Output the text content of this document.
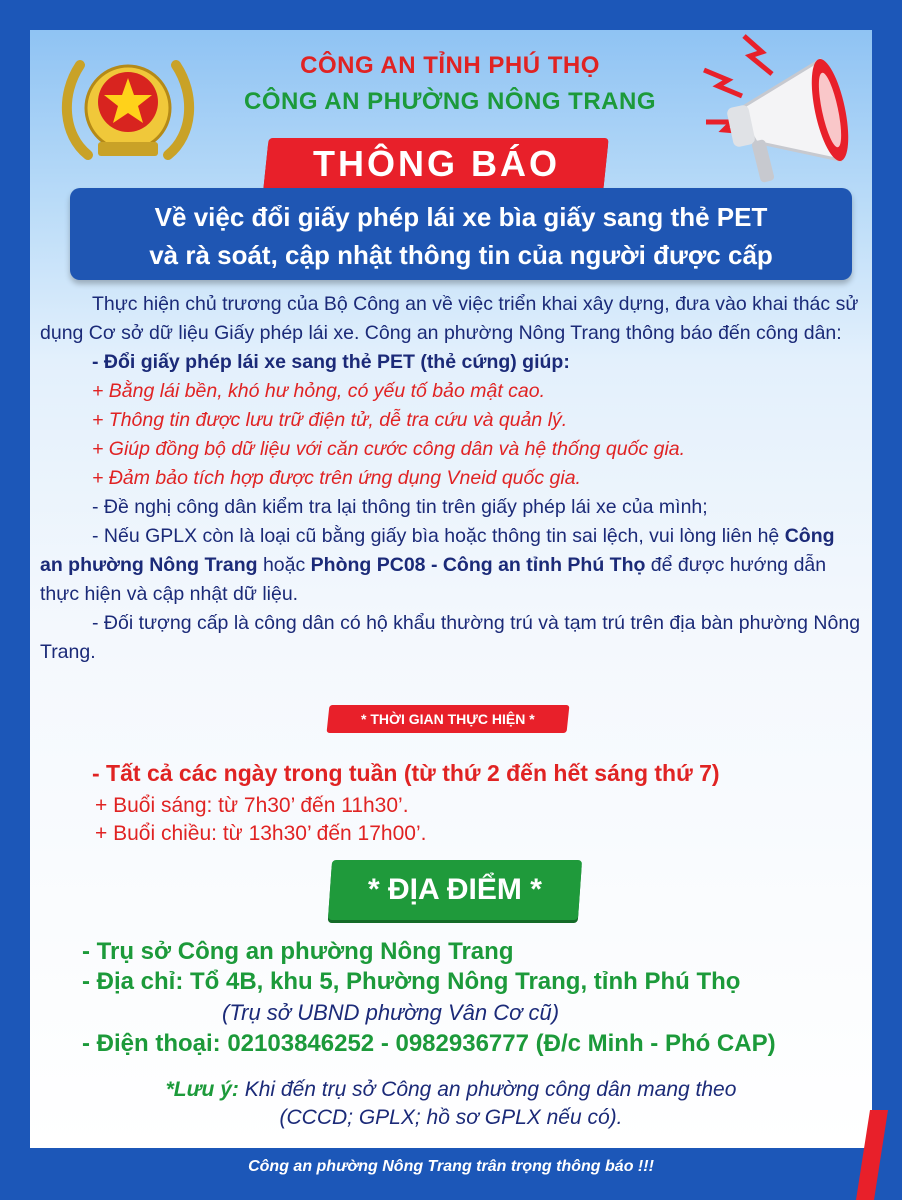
CÔNG AN TỈNH PHÚ THỌ
CÔNG AN PHƯỜNG NÔNG TRANG
THÔNG BÁO
Về việc đổi giấy phép lái xe bìa giấy sang thẻ PET
và rà soát, cập nhật thông tin của người được cấp

Thực hiện chủ trương của Bộ Công an về việc triển khai xây dựng, đưa vào khai thác sử dụng Cơ sở dữ liệu Giấy phép lái xe. Công an phường Nông Trang thông báo đến công dân:

- Đổi giấy phép lái xe sang thẻ PET (thẻ cứng) giúp:

+ Bằng lái bền, khó hư hỏng, có yếu tố bảo mật cao.

+ Thông tin được lưu trữ điện tử, dễ tra cứu và quản lý.

+ Giúp đồng bộ dữ liệu với căn cước công dân và hệ thống quốc gia.

+ Đảm bảo tích hợp được trên ứng dụng Vneid quốc gia.

- Đề nghị công dân kiểm tra lại thông tin trên giấy phép lái xe của mình;

- Nếu GPLX còn là loại cũ bằng giấy bìa hoặc thông tin sai lệch, vui lòng liên hệ Công an phường Nông Trang hoặc Phòng PC08 - Công an tỉnh Phú Thọ để được hướng dẫn thực hiện và cập nhật dữ liệu.

- Đối tượng cấp là công dân có hộ khẩu thường trú và tạm trú trên địa bàn phường Nông Trang.

* THỜI GIAN THỰC HIỆN *
- Tất cả các ngày trong tuần (từ thứ 2 đến hết sáng thứ 7)
+ Buổi sáng: từ 7h30’ đến 11h30’.
+ Buổi chiều: từ 13h30’ đến 17h00’.
* ĐỊA ĐIỂM *
- Trụ sở Công an phường Nông Trang
- Địa chỉ: Tổ 4B, khu 5, Phường Nông Trang, tỉnh Phú Thọ
(Trụ sở UBND phường Vân Cơ cũ)
- Điện thoại: 02103846252 - 0982936777 (Đ/c Minh - Phó CAP)
*Lưu ý: Khi đến trụ sở Công an phường công dân mang theo
(CCCD; GPLX; hồ sơ GPLX nếu có).
Công an phường Nông Trang trân trọng thông báo !!!
